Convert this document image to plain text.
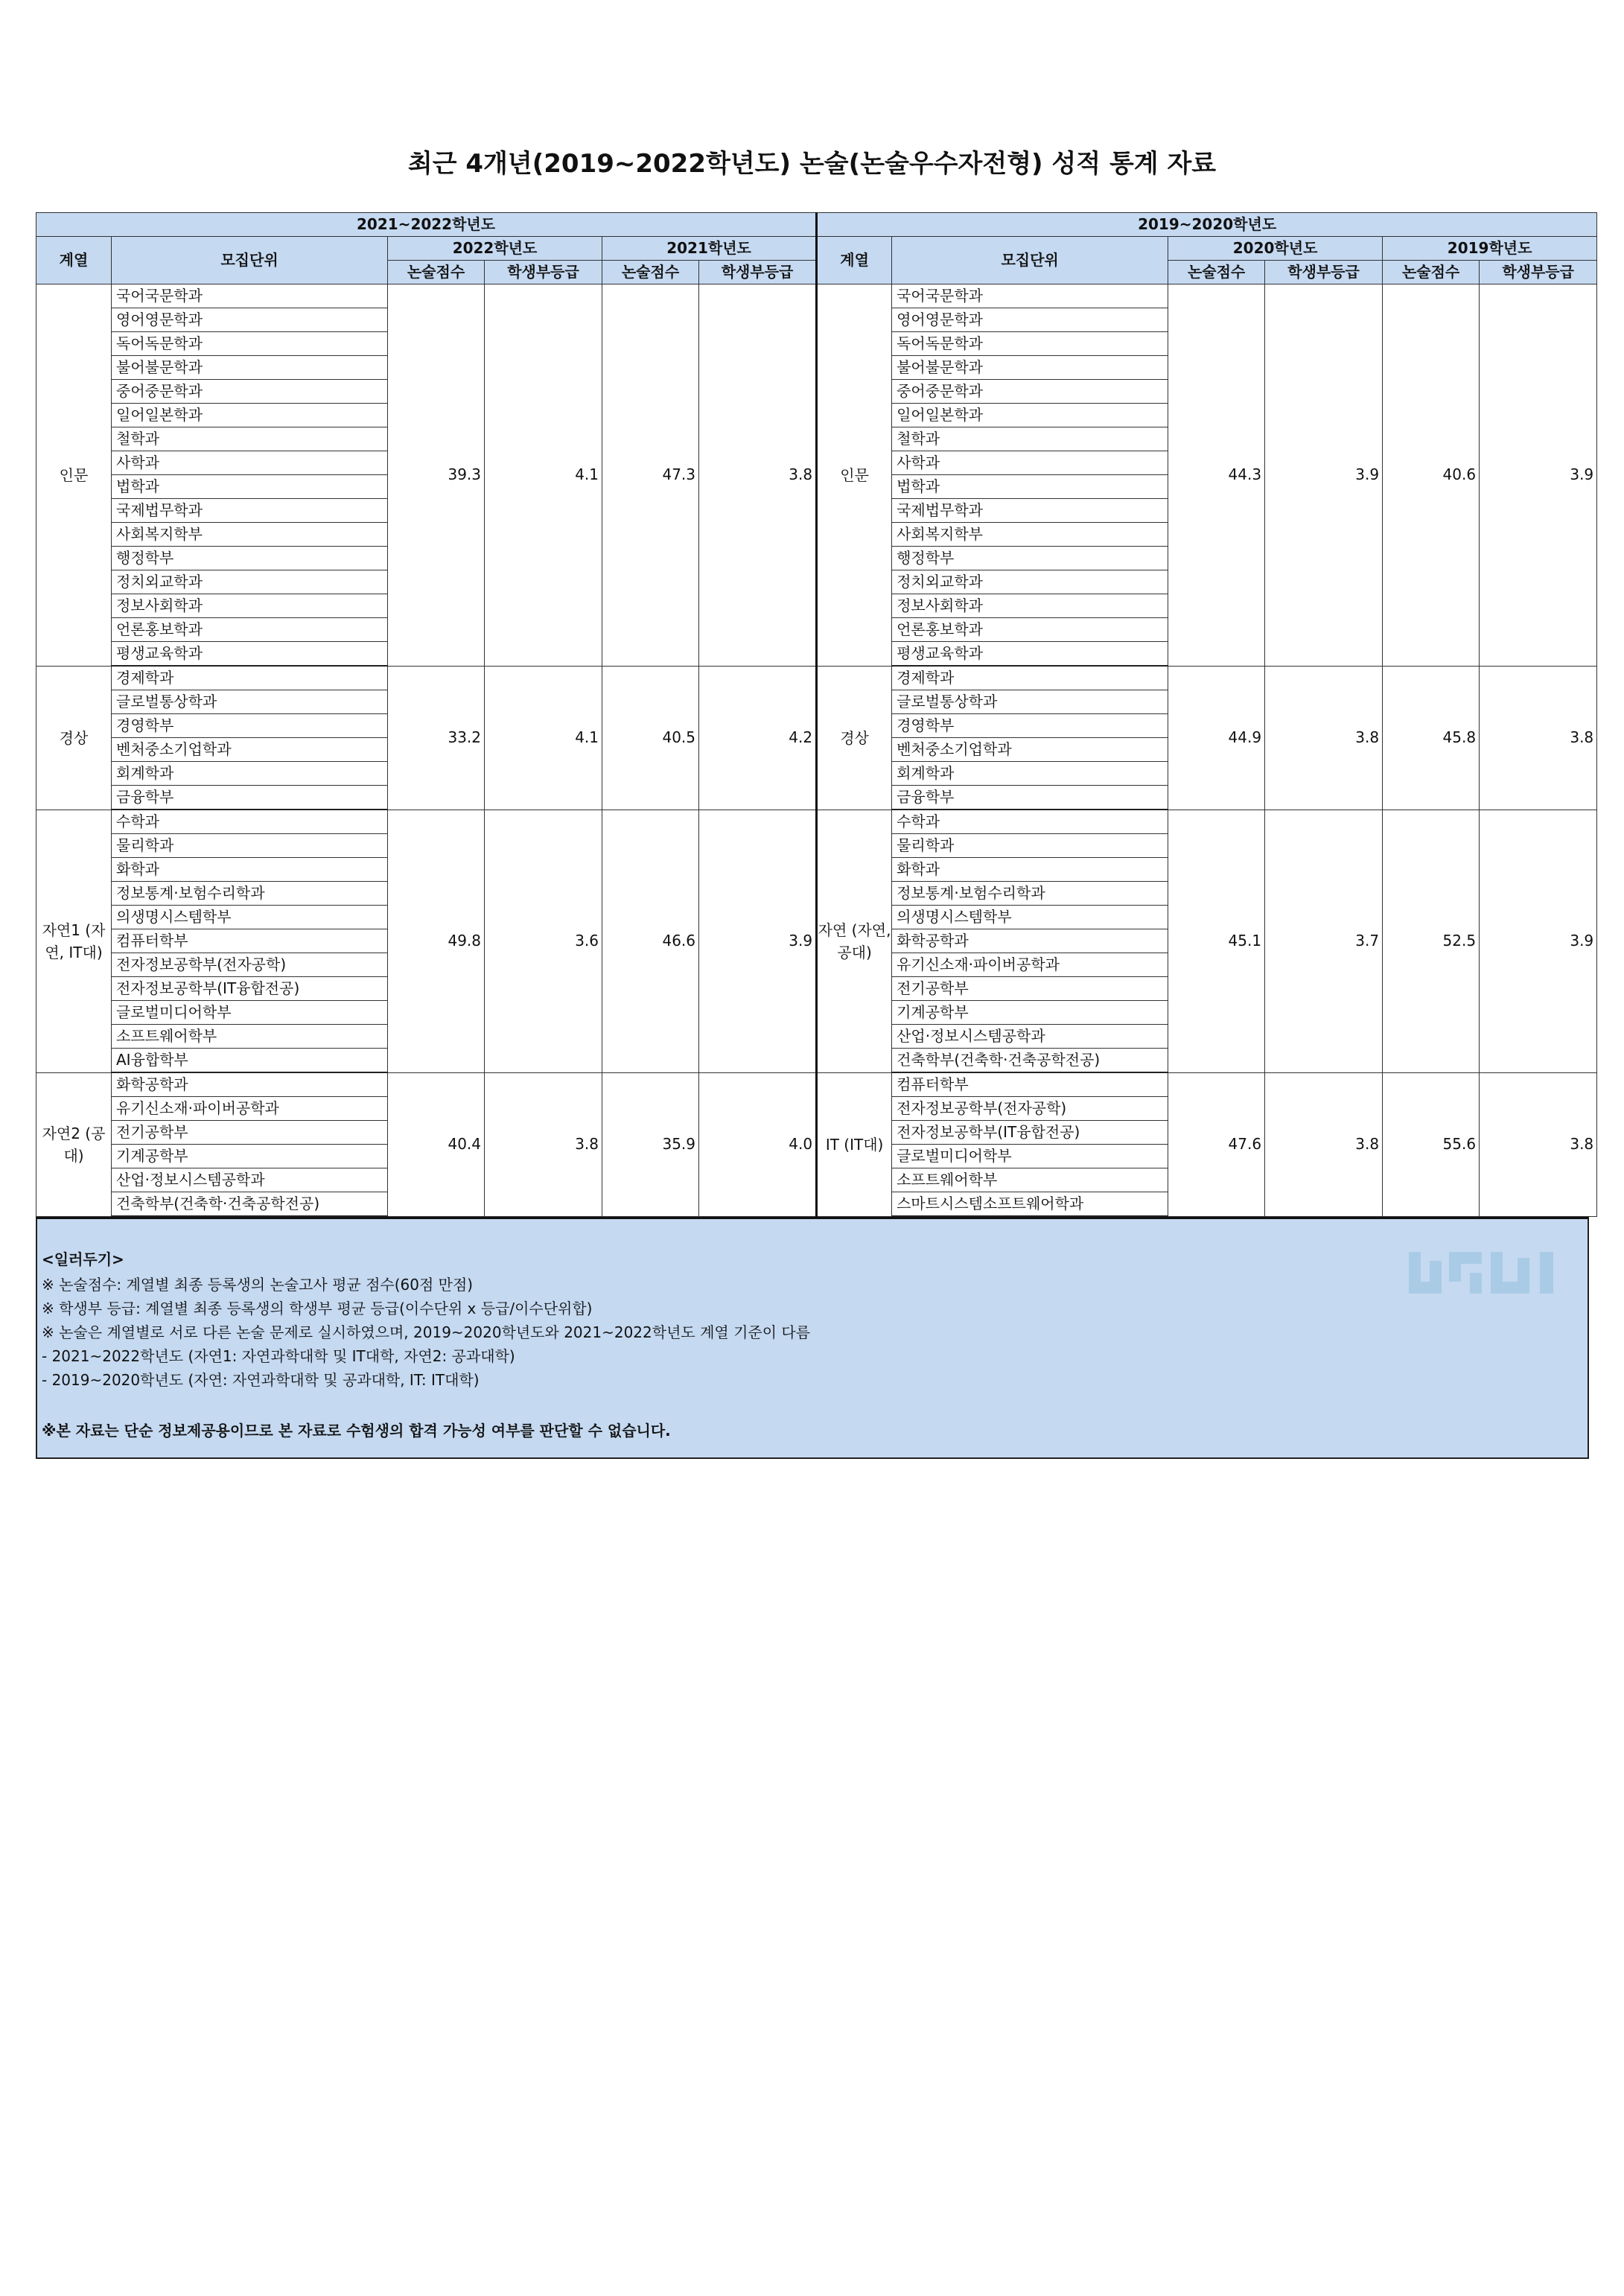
최근 4개년(2019~2022학년도) 논술(논술우수자전형) 성적 통계 자료
2021~2022학년도						2019~2020학년도					
계열	모집단위	2022학년도		2021학년도		계열	모집단위	2020학년도		2019학년도	
		논술점수	학생부등급	논술점수	학생부등급			논술점수	학생부등급	논술점수	학생부등급
인문	국어국문학과	39.3	4.1	47.3	3.8	인문	국어국문학과	44.3	3.9	40.6	3.9
	영어영문학과						영어영문학과				
	독어독문학과						독어독문학과				
	불어불문학과						불어불문학과				
	중어중문학과						중어중문학과				
	일어일본학과						일어일본학과				
	철학과						철학과				
	사학과						사학과				
	법학과						법학과				
	국제법무학과						국제법무학과				
	사회복지학부						사회복지학부				
	행정학부						행정학부				
	정치외교학과						정치외교학과				
	정보사회학과						정보사회학과				
	언론홍보학과						언론홍보학과				
	평생교육학과						평생교육학과				
경상	경제학과	33.2	4.1	40.5	4.2	경상	경제학과	44.9	3.8	45.8	3.8
	글로벌통상학과						글로벌통상학과				
	경영학부						경영학부				
	벤처중소기업학과						벤처중소기업학과				
	회계학과						회계학과				
	금융학부						금융학부				
자연1 (자연, IT대)	수학과	49.8	3.6	46.6	3.9	자연 (자연, 공대)	수학과	45.1	3.7	52.5	3.9
	물리학과						물리학과				
	화학과						화학과				
	정보통계·보험수리학과						정보통계·보험수리학과				
	의생명시스템학부						의생명시스템학부				
	컴퓨터학부						화학공학과				
	전자정보공학부(전자공학)						유기신소재·파이버공학과				
	전자정보공학부(IT융합전공)						전기공학부				
	글로벌미디어학부						기계공학부				
	소프트웨어학부						산업·정보시스템공학과				
	AI융합학부						건축학부(건축학·건축공학전공)				
자연2 (공대)	화학공학과	40.4	3.8	35.9	4.0	IT (IT대)	컴퓨터학부	47.6	3.8	55.6	3.8
	유기신소재·파이버공학과						전자정보공학부(전자공학)				
	전기공학부						전자정보공학부(IT융합전공)				
	기계공학부						글로벌미디어학부				
	산업·정보시스템공학과						소프트웨어학부				
	건축학부(건축학·건축공학전공)						스마트시스템소프트웨어학과				
<일러두기>
※ 논술점수: 계열별 최종 등록생의 논술고사 평균 점수(60점 만점)
※ 학생부 등급: 계열별 최종 등록생의 학생부 평균 등급(이수단위 x 등급/이수단위합)
※ 논술은 계열별로 서로 다른 논술 문제로 실시하였으며, 2019~2020학년도와 2021~2022학년도 계열 기준이 다름
- 2021~2022학년도 (자연1: 자연과학대학 및 IT대학, 자연2: 공과대학)
- 2019~2020학년도 (자연: 자연과학대학 및 공과대학, IT: IT대학)
※본 자료는 단순 정보제공용이므로 본 자료로 수험생의 합격 가능성 여부를 판단할 수 없습니다.
